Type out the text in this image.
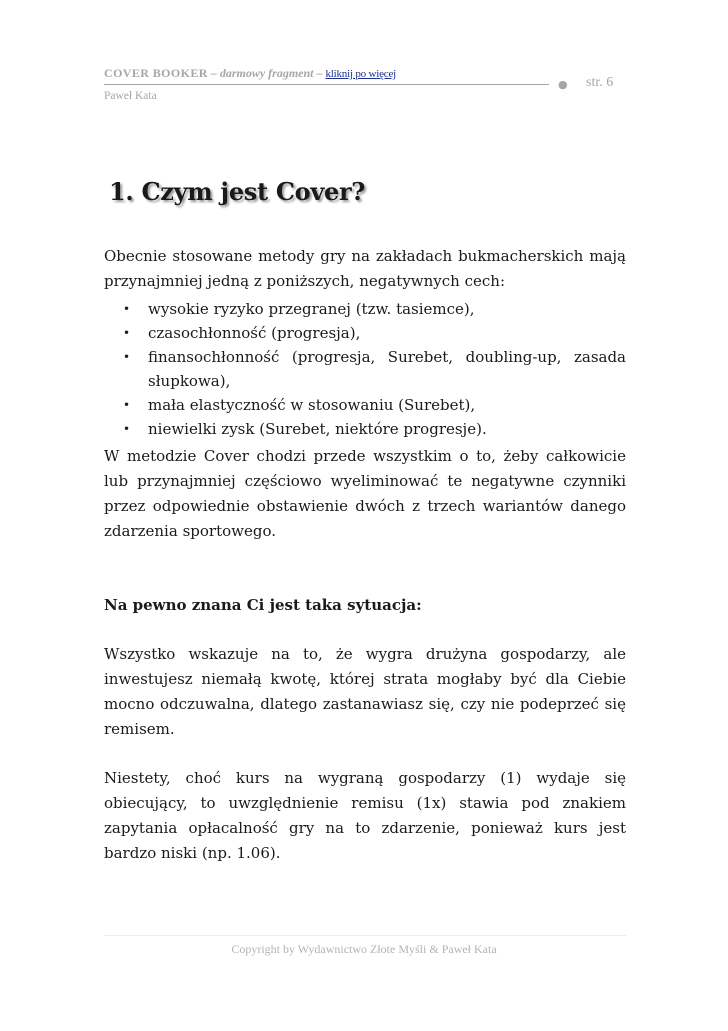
COVER BOOKER – darmowy fragment – kliknij po więcej
● str. 6
Paweł Kata
1. Czym jest Cover?

Obecnie stosowane metody gry na zakładach bukmacherskich mają przynajmniej jedną z poniższych, negatywnych cech:

• wysokie ryzyko przegranej (tzw. tasiemce),
• czasochłonność (progresja),
• finansochłonność (progresja, Surebet, doubling-up, zasada słupkowa),
• mała elastyczność w stosowaniu (Surebet),
• niewielki zysk (Surebet, niektóre progresje).

W metodzie Cover chodzi przede wszystkim o to, żeby całkowicie lub przynajmniej częściowo wyeliminować te negatywne czynniki przez odpowiednie obstawienie dwóch z trzech wariantów danego zdarzenia sportowego.

Na pewno znana Ci jest taka sytuacja:

Wszystko wskazuje na to, że wygra drużyna gospodarzy, ale inwestujesz niemałą kwotę, której strata mogłaby być dla Ciebie mocno odczuwalna, dlatego zastanawiasz się, czy nie podeprzeć się remisem.

Niestety, choć kurs na wygraną gospodarzy (1) wydaje się obiecujący, to uwzględnienie remisu (1x) stawia pod znakiem zapytania opłacalność gry na to zdarzenie, ponieważ kurs jest bardzo niski (np. 1.06).

Copyright by Wydawnictwo Złote Myśli & Paweł Kata
